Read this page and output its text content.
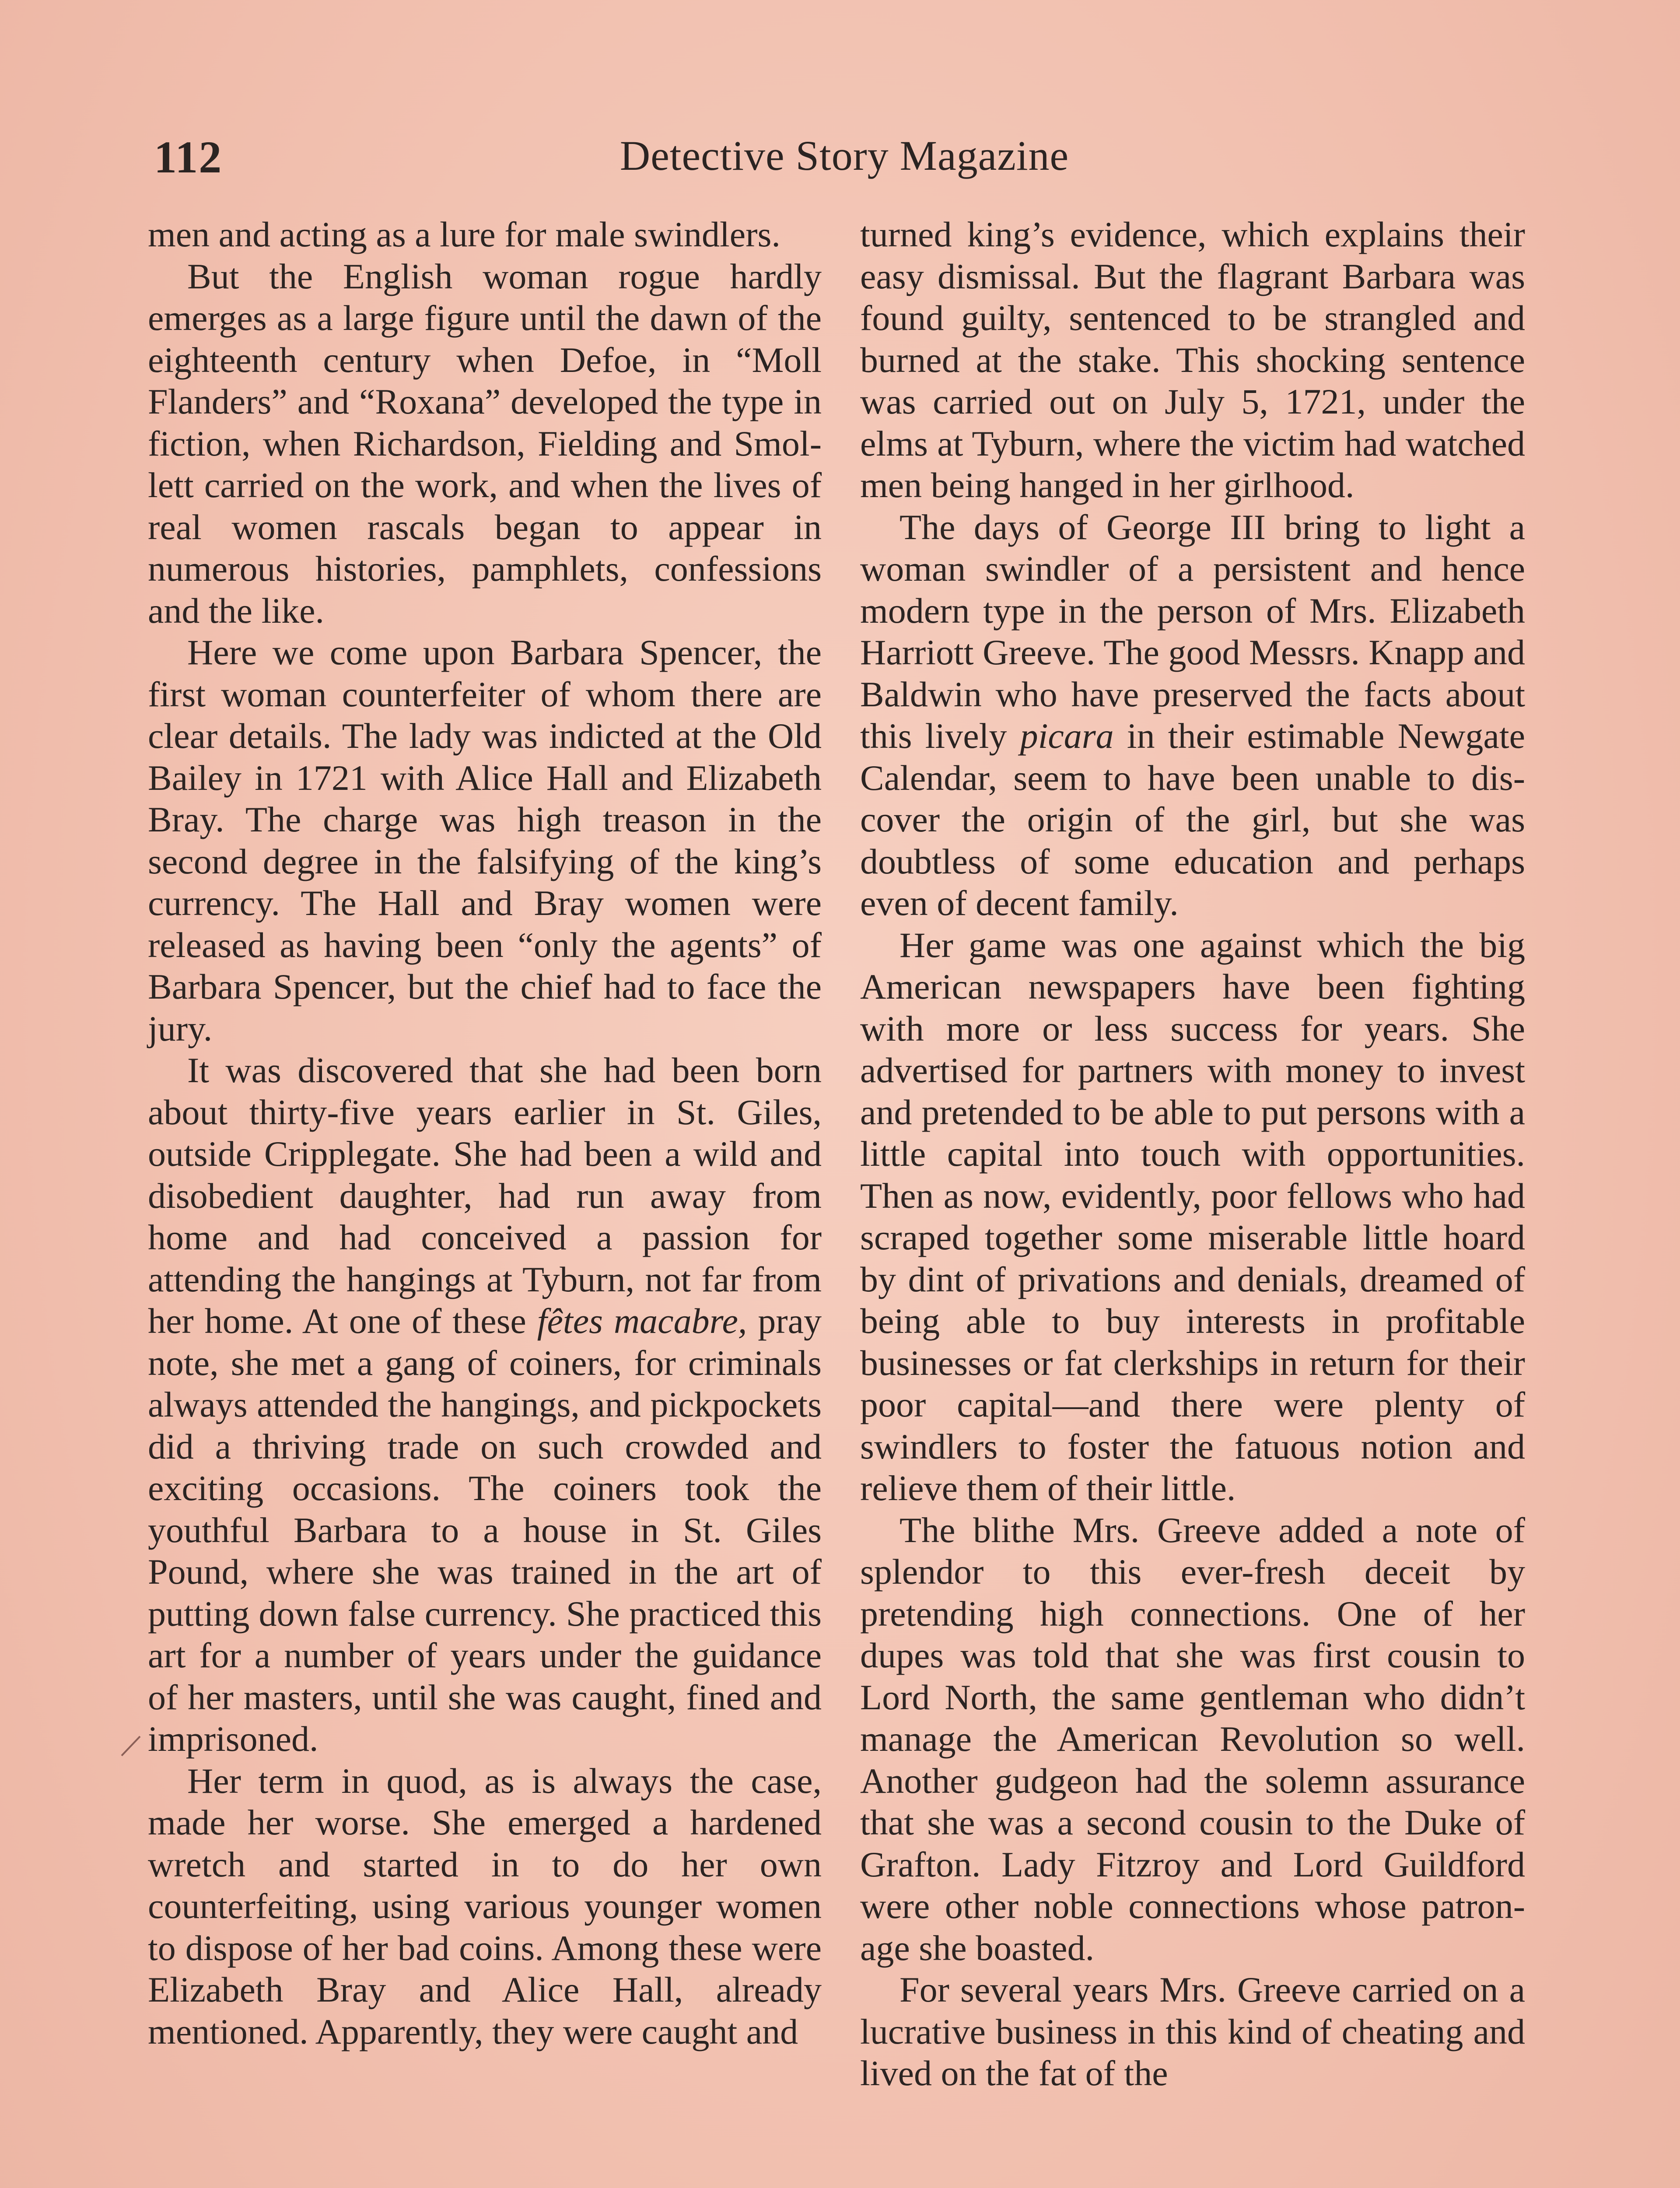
112	Detective Story Magazine

men and acting as a lure for male swindlers.

But the English woman rogue hardly emerges as a large figure until the dawn of the eighteenth century when Defoe, in “Moll Flanders” and “Roxana” developed the type in fiction, when Richardson, Fielding and Smollett carried on the work, and when the lives of real women rascals began to appear in numerous histories, pamphlets, confessions and the like.

Here we come upon Barbara Spencer, the first woman counterfeiter of whom there are clear details. The lady was indicted at the Old Bailey in 1721 with Alice Hall and Elizabeth Bray. The charge was high treason in the second degree in the falsifying of the king’s currency. The Hall and Bray women were released as having been “only the agents” of Barbara Spencer, but the chief had to face the jury.

It was discovered that she had been born about thirty-five years earlier in St. Giles, outside Cripplegate. She had been a wild and disobedient daughter, had run away from home and had conceived a passion for attending the hangings at Tyburn, not far from her home. At one of these fêtes macabre, pray note, she met a gang of coiners, for criminals always attended the hangings, and pickpockets did a thriving trade on such crowded and exciting occasions. The coiners took the youthful Barbara to a house in St. Giles Pound, where she was trained in the art of putting down false currency. She practiced this art for a number of years under the guidance of her masters, until she was caught, fined and imprisoned.

Her term in quod, as is always the case, made her worse. She emerged a hardened wretch and started in to do her own counterfeiting, using various younger women to dispose of her bad coins. Among these were Elizabeth Bray and Alice Hall, already mentioned. Apparently, they were caught and

turned king’s evidence, which explains their easy dismissal. But the flagrant Barbara was found guilty, sentenced to be strangled and burned at the stake. This shocking sentence was carried out on July 5, 1721, under the elms at Tyburn, where the victim had watched men being hanged in her girlhood.

The days of George III bring to light a woman swindler of a persistent and hence modern type in the person of Mrs. Elizabeth Harriott Greeve. The good Messrs. Knapp and Baldwin who have preserved the facts about this lively picara in their estimable Newgate Calendar, seem to have been unable to discover the origin of the girl, but she was doubtless of some education and perhaps even of decent family.

Her game was one against which the big American newspapers have been fighting with more or less success for years. She advertised for partners with money to invest and pretended to be able to put persons with a little capital into touch with opportunities. Then as now, evidently, poor fellows who had scraped together some miserable little hoard by dint of privations and denials, dreamed of being able to buy interests in profitable businesses or fat clerkships in return for their poor capital—and there were plenty of swindlers to foster the fatuous notion and relieve them of their little.

The blithe Mrs. Greeve added a note of splendor to this ever-fresh deceit by pretending high connections. One of her dupes was told that she was first cousin to Lord North, the same gentleman who didn’t manage the American Revolution so well. Another gudgeon had the solemn assurance that she was a second cousin to the Duke of Grafton. Lady Fitzroy and Lord Guildford were other noble connections whose patronage she boasted.

For several years Mrs. Greeve carried on a lucrative business in this kind of cheating and lived on the fat of the
